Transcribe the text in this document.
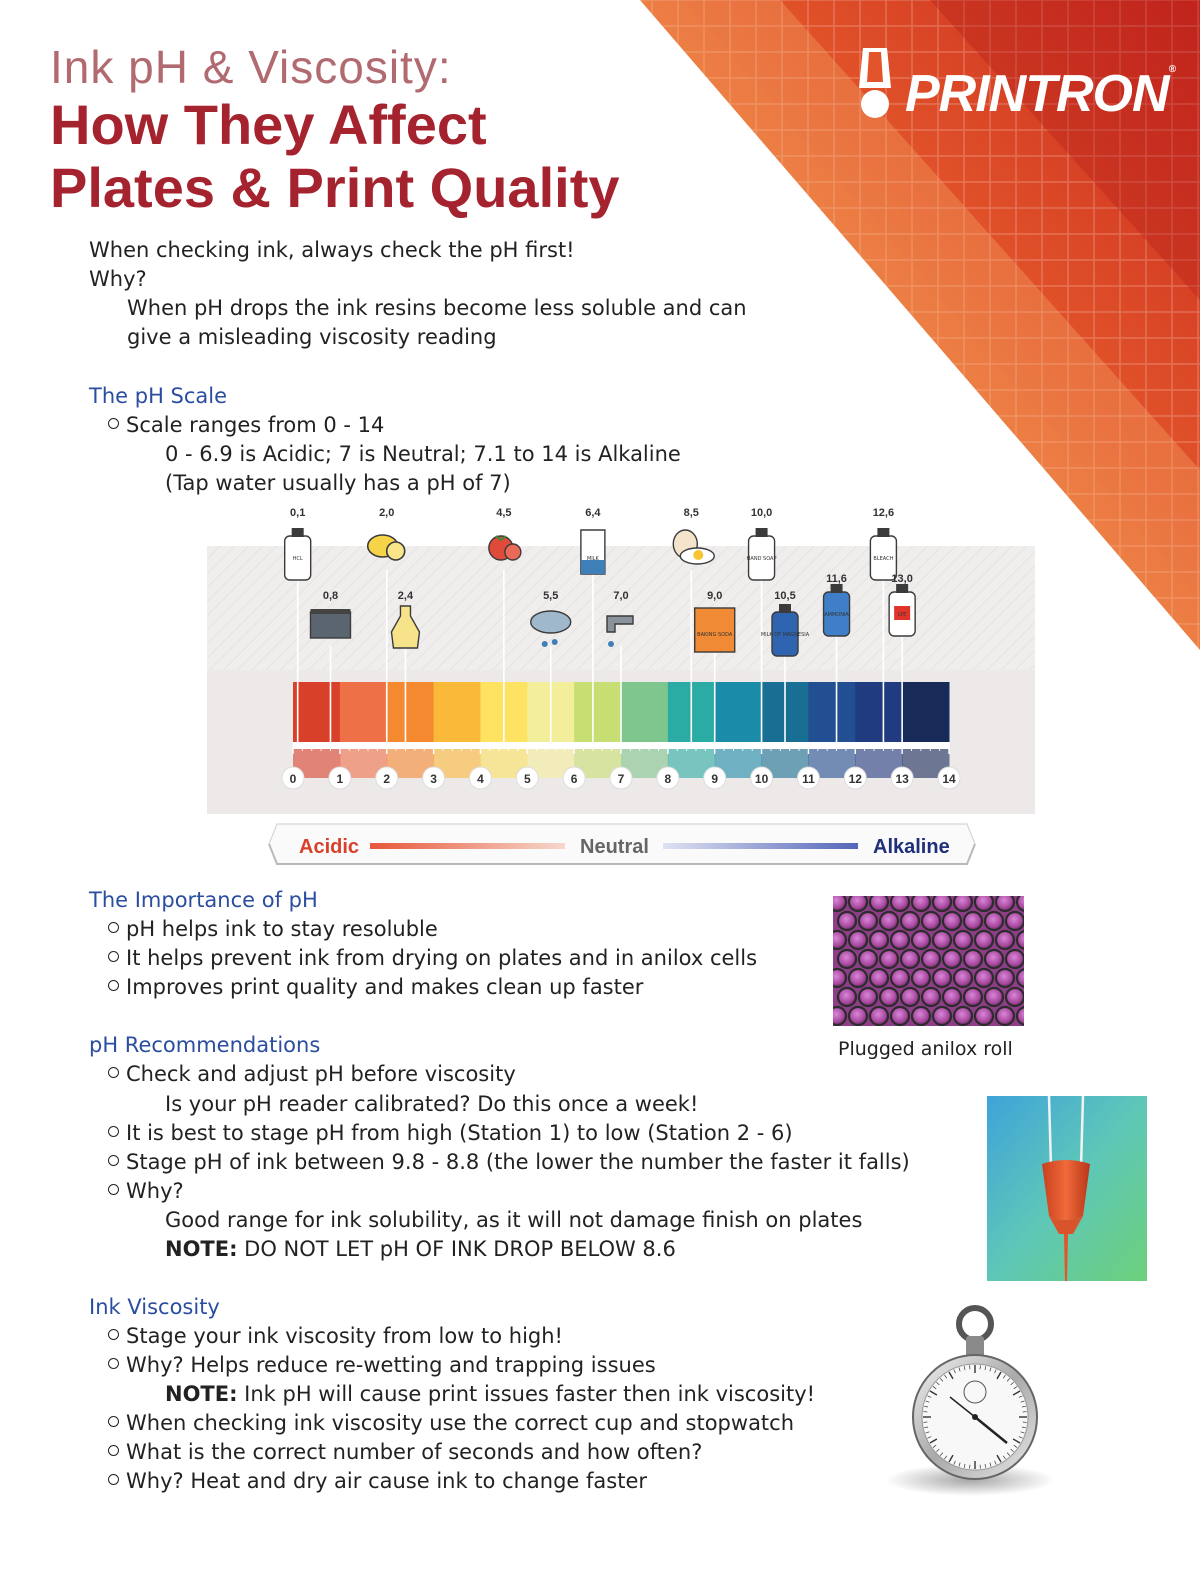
Ink pH & Viscosity:
How They Affect
Plates & Print Quality
PRINTRON®
When checking ink, always check the pH first!
Why?
When pH drops the ink resins become less soluble and can
give a misleading viscosity reading
The pH Scale
Scale ranges from 0 - 14
0 - 6.9 is Acidic; 7 is Neutral; 7.1 to 14 is Alkaline
(Tap water usually has a pH of 7)
HCL	MILK
BAKING SODA
HAND SOAP
MILK OF MAGNESIA
AMMONIA
BLEACH
LYE
0,1
0,8
2,0
2,4
4,5
5,5
6,4
7,0
8,5
9,0
10,0
10,5
11,6
12,6
13,0
0	1	2	3	4	5	6	7	8	9	10	11	12	13	14
Acidic	Neutral	Alkaline
The Importance of pH
pH helps ink to stay resoluble
It helps prevent ink from drying on plates and in anilox cells
Improves print quality and makes clean up faster
Plugged anilox roll
pH Recommendations
Check and adjust pH before viscosity
Is your pH reader calibrated? Do this once a week!
It is best to stage pH from high (Station 1) to low (Station 2 - 6)
Stage pH of ink between 9.8 - 8.8 (the lower the number the faster it falls)
Why?
Good range for ink solubility, as it will not damage finish on plates
NOTE: DO NOT LET pH OF INK DROP BELOW 8.6
Ink Viscosity
Stage your ink viscosity from low to high!
Why? Helps reduce re-wetting and trapping issues
NOTE: Ink pH will cause print issues faster then ink viscosity!
When checking ink viscosity use the correct cup and stopwatch
What is the correct number of seconds and how often?
Why? Heat and dry air cause ink to change faster
